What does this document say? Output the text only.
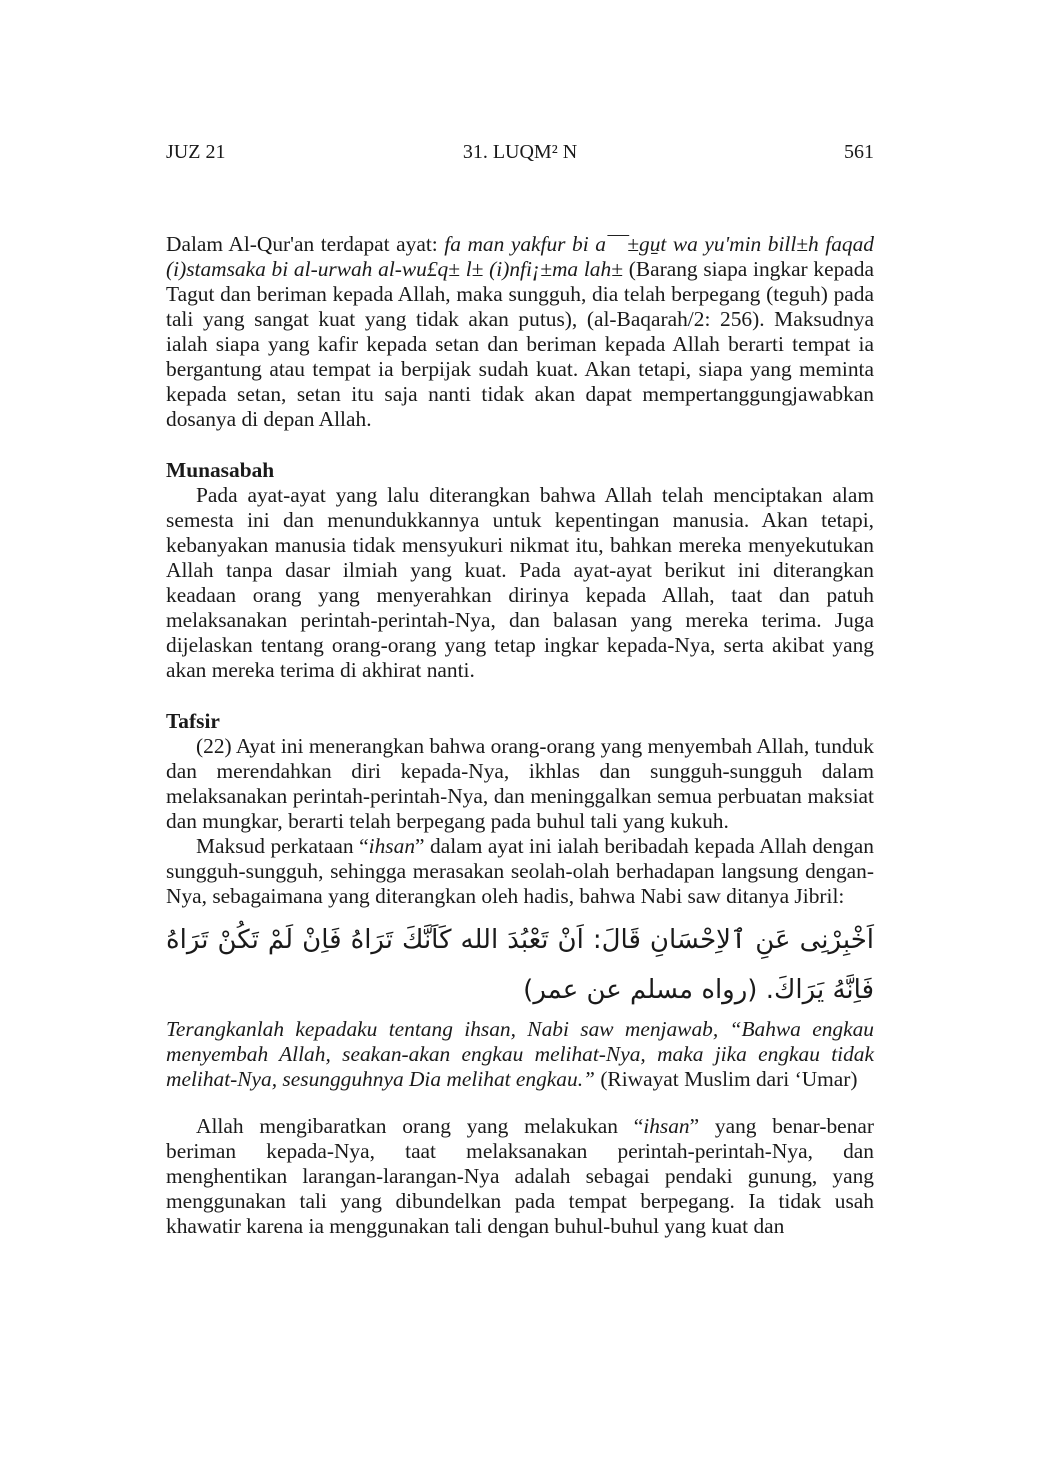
JUZ 21	31. LUQM² N	561

Dalam Al-Qur'an terdapat ayat: fa man yakfur bi a¯¯±gu̱t wa yu'min bill±h faqad (i)stamsaka bi al-urwah al-wu£q± l± (i)nfi¡±ma lah± (Barang siapa ingkar kepada Tagut dan beriman kepada Allah, maka sungguh, dia telah berpegang (teguh) pada tali yang sangat kuat yang tidak akan putus), (al-Baqarah/2: 256). Maksudnya ialah siapa yang kafir kepada setan dan beriman kepada Allah berarti tempat ia bergantung atau tempat ia berpijak sudah kuat. Akan tetapi, siapa yang meminta kepada setan, setan itu saja nanti tidak akan dapat mempertanggungjawabkan dosanya di depan Allah.

Munasabah

Pada ayat-ayat yang lalu diterangkan bahwa Allah telah menciptakan alam semesta ini dan menundukkannya untuk kepentingan manusia. Akan tetapi, kebanyakan manusia tidak mensyukuri nikmat itu, bahkan mereka menyekutukan Allah tanpa dasar ilmiah yang kuat. Pada ayat-ayat berikut ini diterangkan keadaan orang yang menyerahkan dirinya kepada Allah, taat dan patuh melaksanakan perintah-perintah-Nya, dan balasan yang mereka terima. Juga dijelaskan tentang orang-orang yang tetap ingkar kepada-Nya, serta akibat yang akan mereka terima di akhirat nanti.

Tafsir

(22) Ayat ini menerangkan bahwa orang-orang yang menyembah Allah, tunduk dan merendahkan diri kepada-Nya, ikhlas dan sungguh-sungguh dalam melaksanakan perintah-perintah-Nya, dan meninggalkan semua perbuatan maksiat dan mungkar, berarti telah berpegang pada buhul tali yang kukuh.

Maksud perkataan “ihsan” dalam ayat ini ialah beribadah kepada Allah dengan sungguh-sungguh, sehingga merasakan seolah-olah berhadapan langsung dengan-Nya, sebagaimana yang diterangkan oleh hadis, bahwa Nabi saw ditanya Jibril:

اَخْبِرْنِى عَنِ ٱلاِحْسَانِ قَالَ: اَنْ تَعْبُدَ الله كَاَنَّكَ تَرَاهُ فَاِنْ لَمْ تَكُنْ تَرَاهُ فَاِنَّهُ يَرَاكَ. (رواه مسلم عن عمر)

Terangkanlah kepadaku tentang ihsan, Nabi saw menjawab, “Bahwa engkau menyembah Allah, seakan-akan engkau melihat-Nya, maka jika engkau tidak melihat-Nya, sesungguhnya Dia melihat engkau.” (Riwayat Muslim dari ‘Umar)

Allah mengibaratkan orang yang melakukan “ihsan” yang benar-benar beriman kepada-Nya, taat melaksanakan perintah-perintah-Nya, dan menghentikan larangan-larangan-Nya adalah sebagai pendaki gunung, yang menggunakan tali yang dibundelkan pada tempat berpegang. Ia tidak usah khawatir karena ia menggunakan tali dengan buhul-buhul yang kuat dan
